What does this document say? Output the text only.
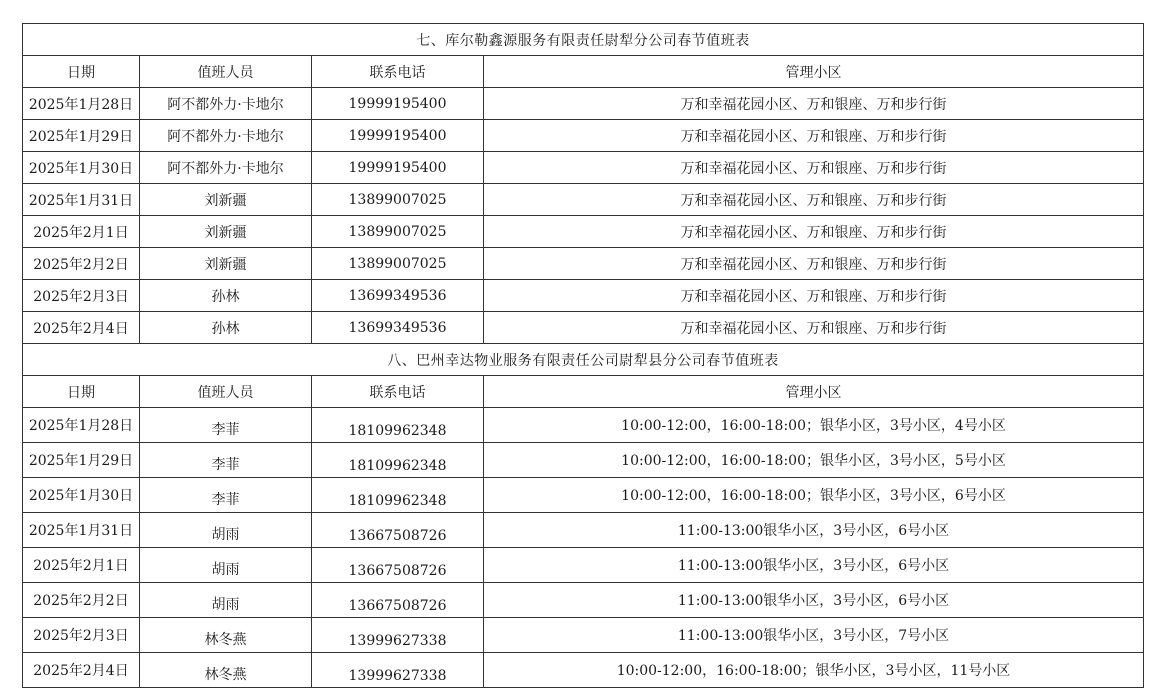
七、库尔勒鑫源服务有限责任尉犁分公司春节值班表			
日期	值班人员	联系电话	管理小区
2025年1月28日	阿不都外力·卡地尔	19999195400	万和幸福花园小区、万和银座、万和步行街
2025年1月29日	阿不都外力·卡地尔	19999195400	万和幸福花园小区、万和银座、万和步行街
2025年1月30日	阿不都外力·卡地尔	19999195400	万和幸福花园小区、万和银座、万和步行街
2025年1月31日	刘新疆	13899007025	万和幸福花园小区、万和银座、万和步行街
2025年2月1日	刘新疆	13899007025	万和幸福花园小区、万和银座、万和步行街
2025年2月2日	刘新疆	13899007025	万和幸福花园小区、万和银座、万和步行街
2025年2月3日	孙林	13699349536	万和幸福花园小区、万和银座、万和步行街
2025年2月4日	孙林	13699349536	万和幸福花园小区、万和银座、万和步行街
八、巴州幸达物业服务有限责任公司尉犁县分公司春节值班表			
日期	值班人员	联系电话	管理小区
2025年1月28日	李菲	18109962348	10:00-12:00，16:00-18:00；银华小区，3号小区，4号小区
2025年1月29日	李菲	18109962348	10:00-12:00，16:00-18:00；银华小区，3号小区，5号小区
2025年1月30日	李菲	18109962348	10:00-12:00，16:00-18:00；银华小区，3号小区，6号小区
2025年1月31日	胡雨	13667508726	11:00-13:00银华小区，3号小区，6号小区
2025年2月1日	胡雨	13667508726	11:00-13:00银华小区，3号小区，6号小区
2025年2月2日	胡雨	13667508726	11:00-13:00银华小区，3号小区，6号小区
2025年2月3日	林冬燕	13999627338	11:00-13:00银华小区，3号小区，7号小区
2025年2月4日	林冬燕	13999627338	10:00-12:00，16:00-18:00；银华小区，3号小区，11号小区
